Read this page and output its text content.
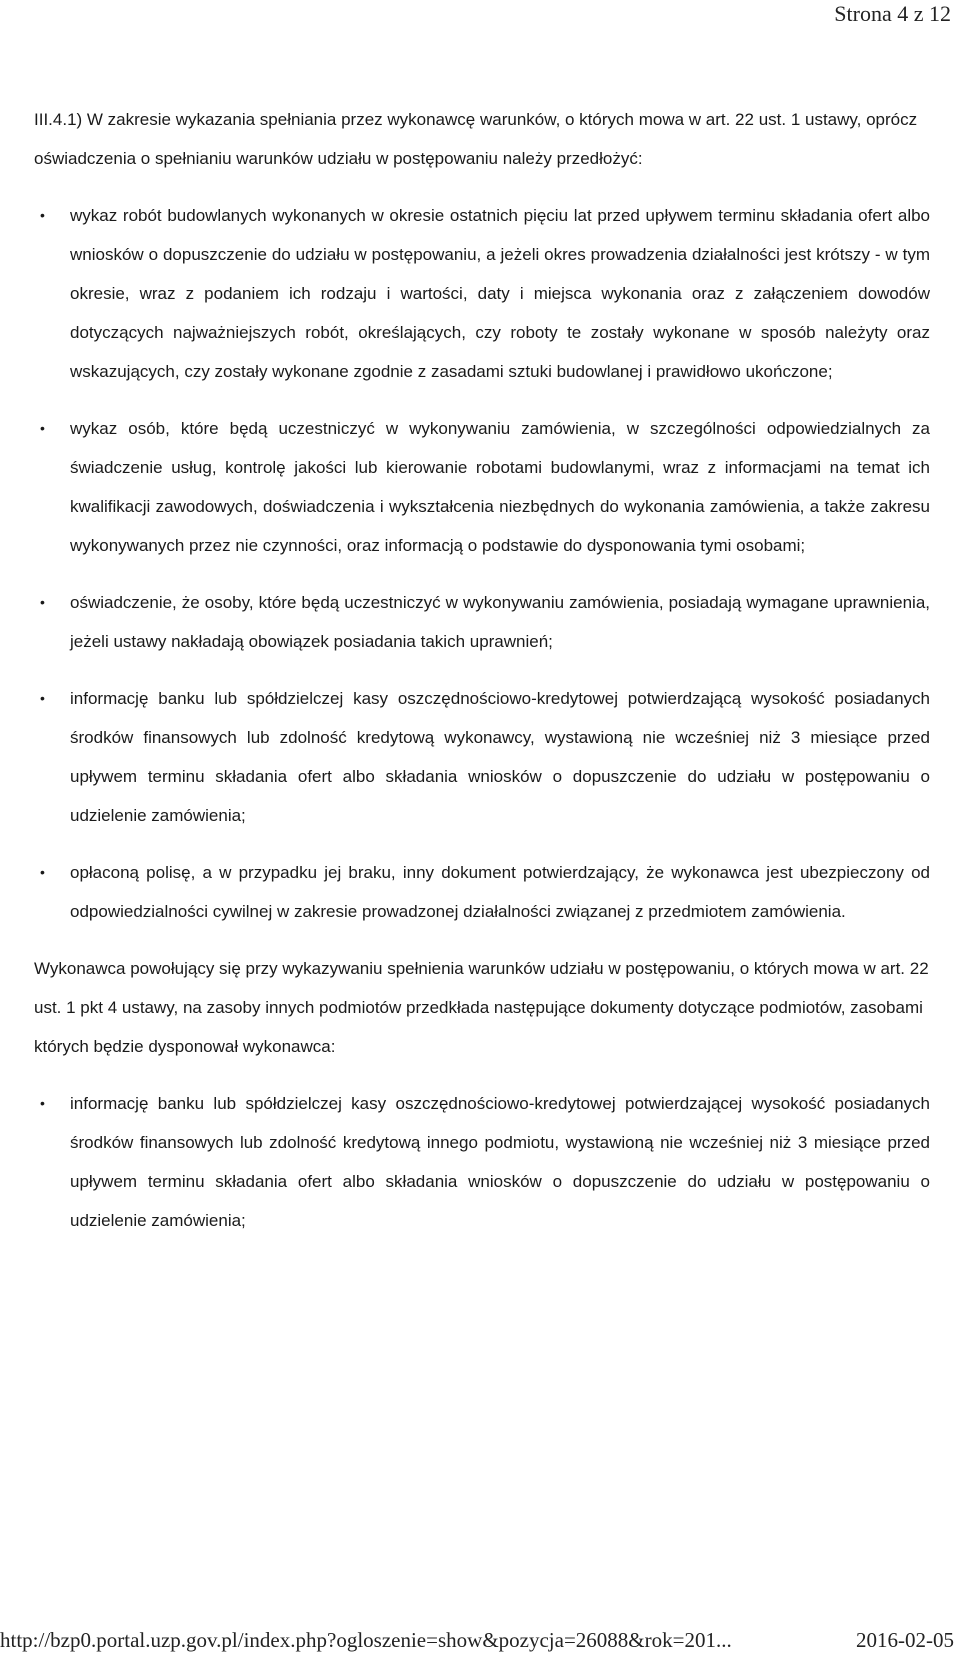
Strona 4 z 12

III.4.1) W zakresie wykazania spełniania przez wykonawcę warunków, o których mowa w art. 22 ust. 1 ustawy, oprócz oświadczenia o spełnianiu warunków udziału w postępowaniu należy przedłożyć:

• wykaz robót budowlanych wykonanych w okresie ostatnich pięciu lat przed upływem terminu składania ofert albo wniosków o dopuszczenie do udziału w postępowaniu, a jeżeli okres prowadzenia działalności jest krótszy - w tym okresie, wraz z podaniem ich rodzaju i wartości, daty i miejsca wykonania oraz z załączeniem dowodów dotyczących najważniejszych robót, określających, czy roboty te zostały wykonane w sposób należyty oraz wskazujących, czy zostały wykonane zgodnie z zasadami sztuki budowlanej i prawidłowo ukończone;
• wykaz osób, które będą uczestniczyć w wykonywaniu zamówienia, w szczególności odpowiedzialnych za świadczenie usług, kontrolę jakości lub kierowanie robotami budowlanymi, wraz z informacjami na temat ich kwalifikacji zawodowych, doświadczenia i wykształcenia niezbędnych do wykonania zamówienia, a także zakresu wykonywanych przez nie czynności, oraz informacją o podstawie do dysponowania tymi osobami;
• oświadczenie, że osoby, które będą uczestniczyć w wykonywaniu zamówienia, posiadają wymagane uprawnienia, jeżeli ustawy nakładają obowiązek posiadania takich uprawnień;
• informację banku lub spółdzielczej kasy oszczędnościowo-kredytowej potwierdzającą wysokość posiadanych środków finansowych lub zdolność kredytową wykonawcy, wystawioną nie wcześniej niż 3 miesiące przed upływem terminu składania ofert albo składania wniosków o dopuszczenie do udziału w postępowaniu o udzielenie zamówienia;
• opłaconą polisę, a w przypadku jej braku, inny dokument potwierdzający, że wykonawca jest ubezpieczony od odpowiedzialności cywilnej w zakresie prowadzonej działalności związanej z przedmiotem zamówienia.

Wykonawca powołujący się przy wykazywaniu spełnienia warunków udziału w postępowaniu, o których mowa w art. 22 ust. 1 pkt 4 ustawy, na zasoby innych podmiotów przedkłada następujące dokumenty dotyczące podmiotów, zasobami których będzie dysponował wykonawca:

• informację banku lub spółdzielczej kasy oszczędnościowo-kredytowej potwierdzającej wysokość posiadanych środków finansowych lub zdolność kredytową innego podmiotu, wystawioną nie wcześniej niż 3 miesiące przed upływem terminu składania ofert albo składania wniosków o dopuszczenie do udziału w postępowaniu o udzielenie zamówienia;
http://bzp0.portal.uzp.gov.pl/index.php?ogloszenie=show&pozycja=26088&rok=201...	2016-02-05
